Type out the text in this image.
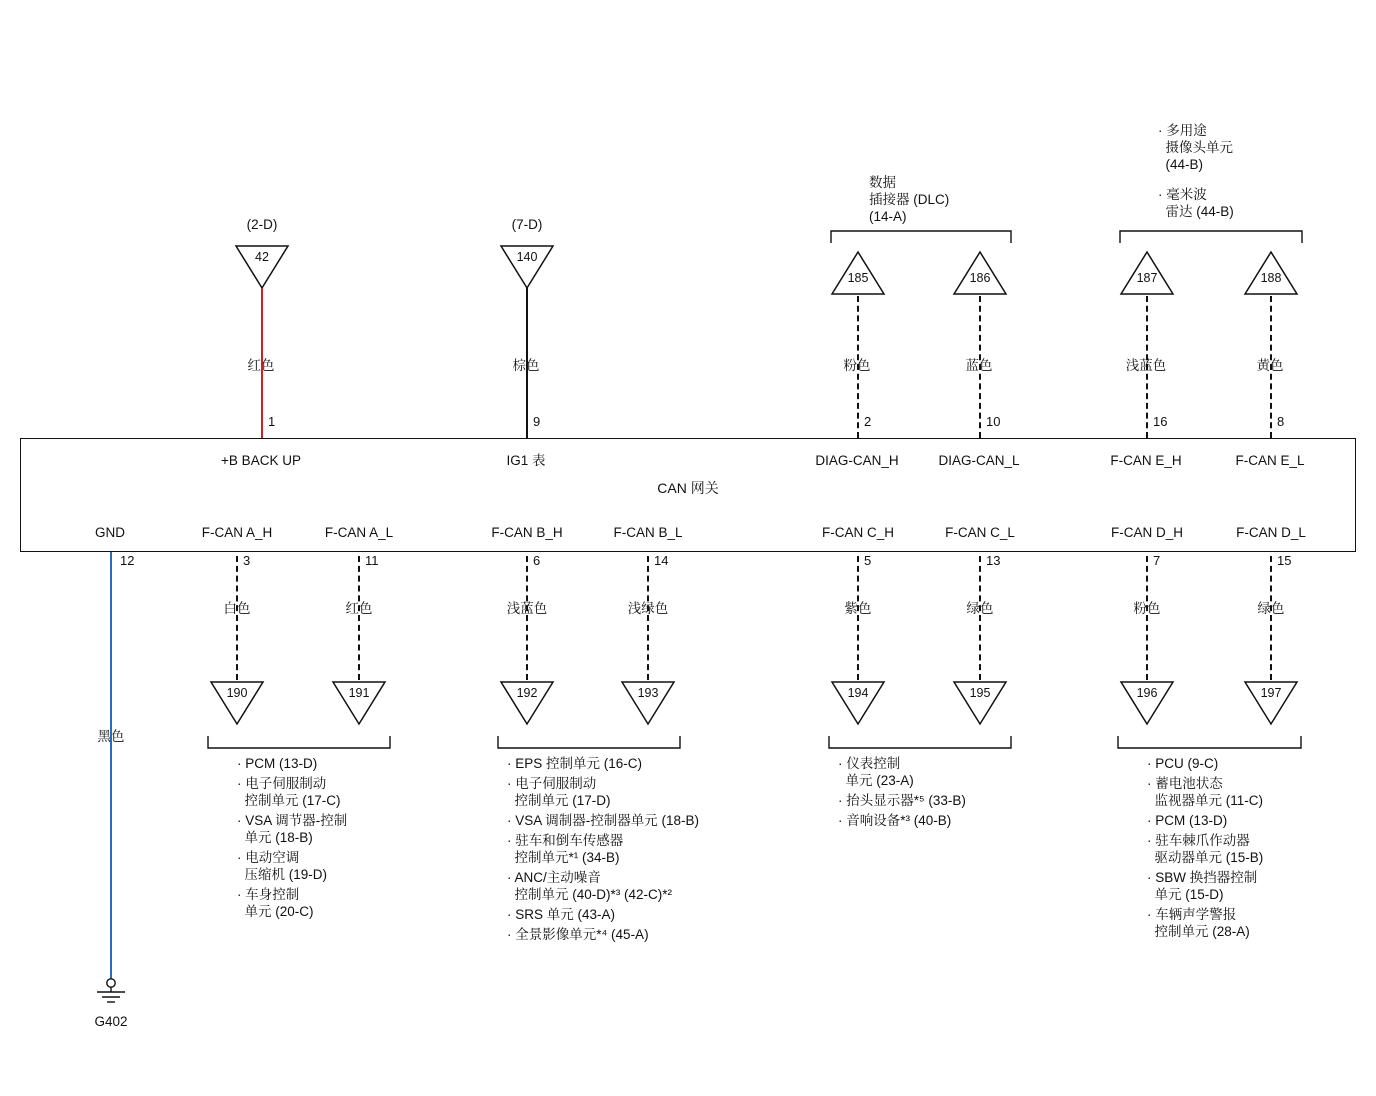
(2-D)	(7-D)
数据
插接器 (DLC)
(14-A)
· 多用途
摄像头单元
(44-B)
· 毫米波
雷达 (44-B)
42	140
185	186	187	188
红色	棕色	粉色	蓝色	浅蓝色	黄色
1	9	2	10	16	8
+B BACK UP	IG1 表	DIAG-CAN_H	DIAG-CAN_L	F-CAN E_H	F-CAN E_L
CAN 网关
GND	F-CAN A_H	F-CAN A_L	F-CAN B_H	F-CAN B_L	F-CAN C_H	F-CAN C_L	F-CAN D_H	F-CAN D_L
12	3	11	6	14	5	13	7	15
黑色
G402
白色	红色	浅蓝色	浅绿色	紫色	绿色	粉色	绿色
190	191	192	193	194	195	196	197
· PCM (13-D)
· 电子伺服制动
控制单元 (17-C)
· VSA 调节器-控制
单元 (18-B)
· 电动空调
压缩机 (19-D)
· 车身控制
单元 (20-C)
· EPS 控制单元 (16-C)
· 电子伺服制动
控制单元 (17-D)
· VSA 调制器-控制器单元 (18-B)
· 驻车和倒车传感器
控制单元*¹ (34-B)
· ANC/主动噪音
控制单元 (40-D)*³ (42-C)*²
· SRS 单元 (43-A)
· 全景影像单元*⁴ (45-A)
· 仪表控制
单元 (23-A)
· 抬头显示器*⁵ (33-B)
· 音响设备*³ (40-B)
· PCU (9-C)
· 蓄电池状态
监视器单元 (11-C)
· PCM (13-D)
· 驻车棘爪作动器
驱动器单元 (15-B)
· SBW 换挡器控制
单元 (15-D)
· 车辆声学警报
控制单元 (28-A)
